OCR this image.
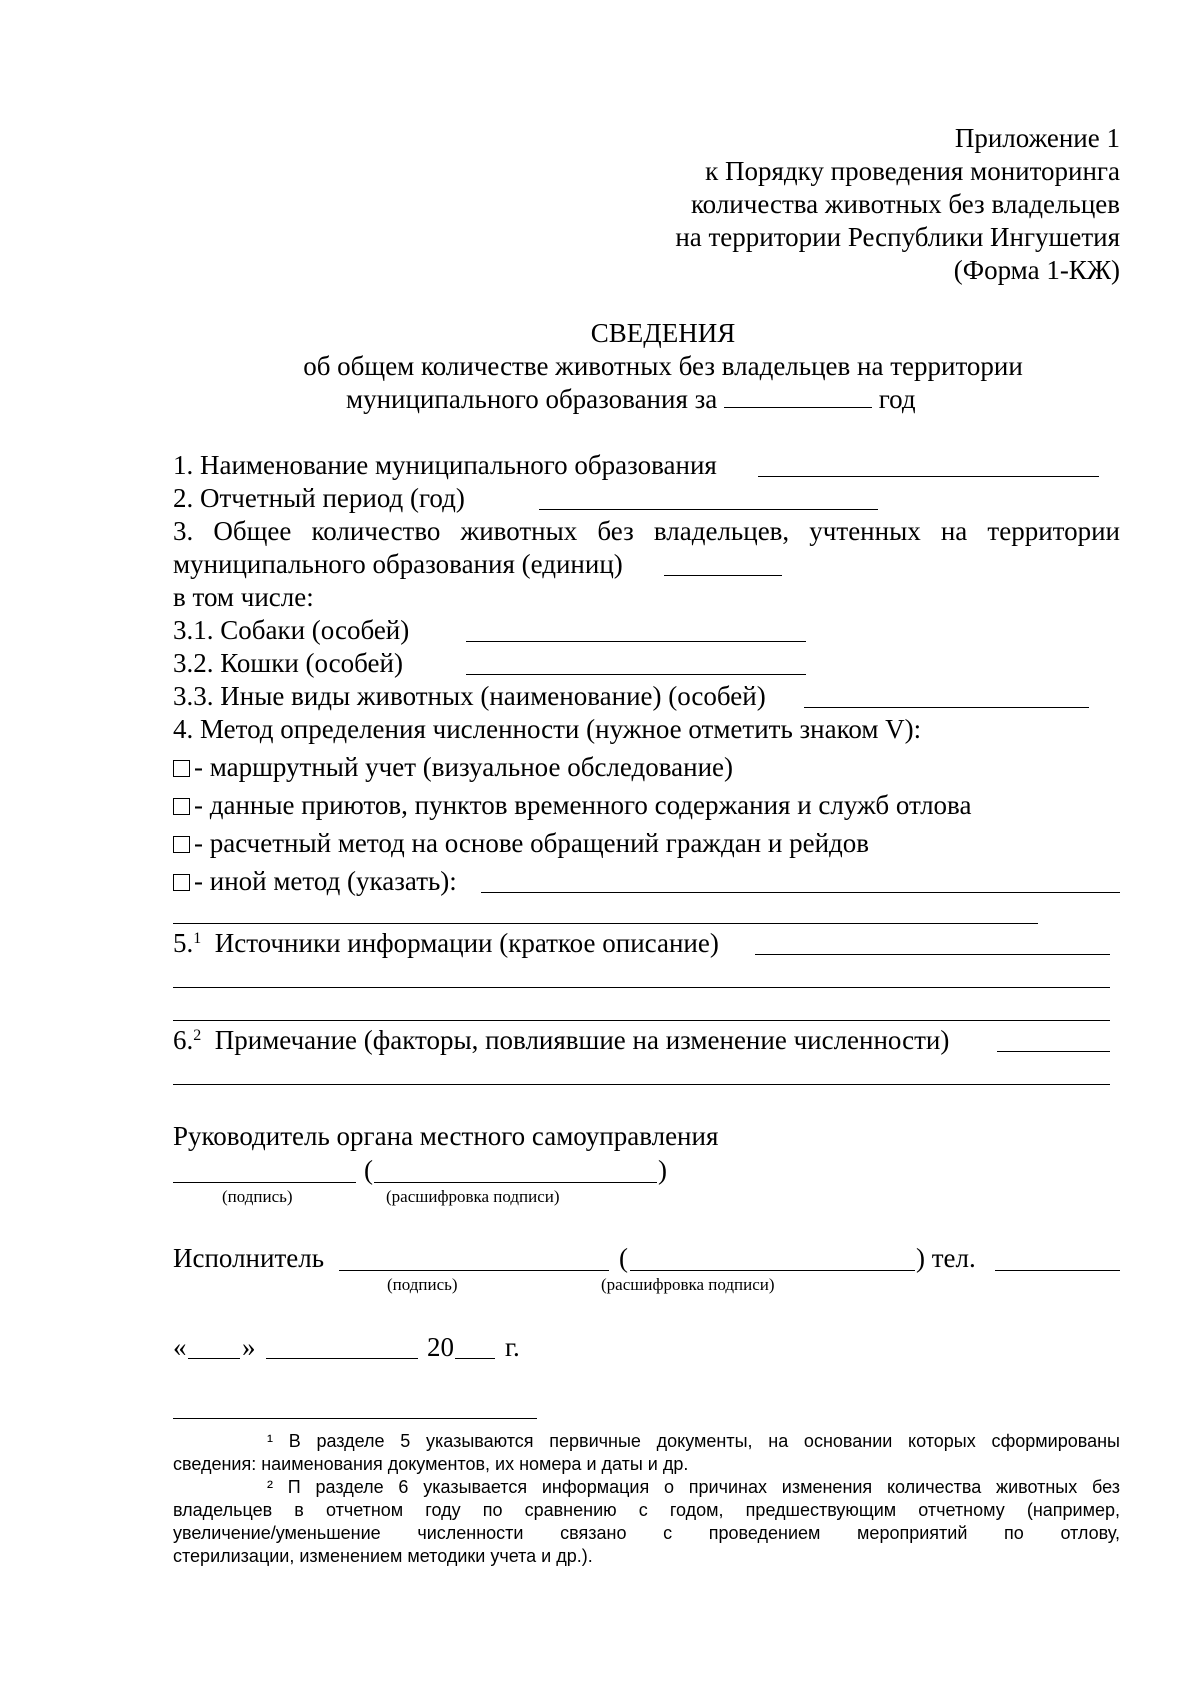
Приложение 1
к Порядку проведения мониторинга
количества животных без владельцев
на территории Республики Ингушетия
(Форма 1-КЖ)
СВЕДЕНИЯ
об общем количестве животных без владельцев на территории
муниципального образования за	год
1. Наименование муниципального образования
2. Отчетный период (год)
3. Общее количество животных без владельцев, учтенных на территории
муниципального образования (единиц)
в том числе:
3.1. Собаки (особей)
3.2. Кошки (особей)
3.3. Иные виды животных (наименование) (особей)
4. Метод определения численности (нужное отметить знаком V):
- маршрутный учет (визуальное обследование)
- данные приютов, пунктов временного содержания и служб отлова
- расчетный метод на основе обращений граждан и рейдов
- иной метод (указать):
5.$^1$ Источники информации (краткое описание)
6.$^2$ Примечание (факторы, повлиявшие на изменение численности)
Руководитель органа местного самоуправления
(	)
(подпись)	(расшифровка подписи)
Исполнитель	(	) тел.
(подпись)	(расшифровка подписи)
« »	20 г.
¹ В разделе 5 указываются первичные документы, на основании которых сформированы
сведения: наименования документов, их номера и даты и др.
² П разделе 6 указывается информация о причинах изменения количества животных без
владельцев в отчетном году по сравнению с годом, предшествующим отчетному (например,
увеличение/уменьшение численности связано с проведением мероприятий по отлову,
стерилизации, изменением методики учета и др.).
